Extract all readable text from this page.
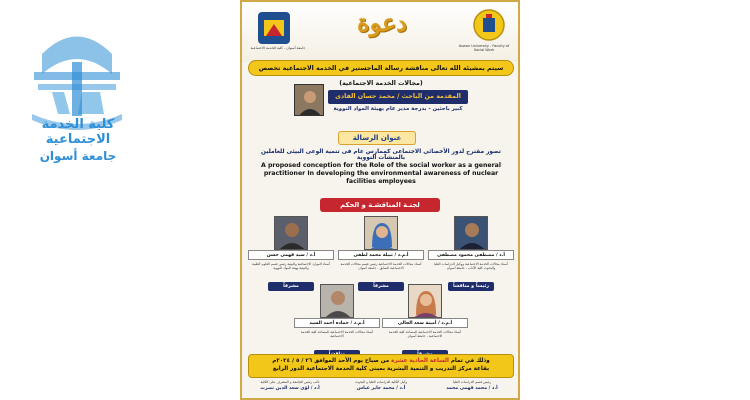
كلية الخدمة الاجتماعية
جامعة أسوان
جامعة أسوان - كلية الخدمة الاجتماعية	Aswan University - Faculty of Social Work
دعوة
سيتم بمشيئة الله تعالى مناقشة رسالة الماجستير في الخدمة الاجتماعية تخصص (مجالات الخدمة الاجتماعية)
المقدمة من الباحث / محمد حسان الفادى
كبير باحثين - بدرجة مدير عام بهيئة المواد النووية
عنوان الرسالة
تصور مقترح لدور الأخصائى الاجتماعى كممارس عام فى تنمية الوعى البيئى للعاملين بالمنشآت النووية
A proposed conception for the Role of the social worker as a general practitioner In developing the environmental awareness of nuclear facilities employees
لجنـة المناقشـة و الحكم
أ.د / مصطفى محمود مصطفى
أستاذ مجالات الخدمة الاجتماعية ووكيل الدراسات العليا والبحوث كلية الآداب - جامعة أسوان
رئيساً و مناقشاً
أ.م.د / نبيلة محمد لطفى
أستاذ مجالات الخدمة الاجتماعية رئيس قسم مجالات الخدمة الاجتماعية السابق - جامعة أسوان
مشرفاً
أ.د / سيد فهمى حسن
أستاذ الموارد الاجتماعية والبيئية رئيس قسم العلوم الطبية والبيئية بهيئة المواد النووية
مشرفاً
أ.م.د / أمينة سعد الجالى
أستاذ مجالات الخدمة الاجتماعية المساعد كلية الخدمة الاجتماعية - جامعة أسوان
أ.م.د / حماده أحمد السيد
أستاذ مجالات الخدمة الاجتماعية المساعد كلية الخدمة الاجتماعية
وذلك في تمام الساعة الحادية عشرة من صباح يوم الأحد الموافق ٢٦ / ٥ / ٢٠٢٤م
بقاعة مركز التدريب و التنمية البشرية بمبنى كلية الخدمة الاجتماعية الدور الرابع
نائب رئيس الجامعة و المشرف على الكلية
أ.د / لؤى سعد الدين نصرت
وكيل الكلية للدراسات العليا و البحوث
أ.د / محمد جابر عباس
رئيس قسم الدراسات العليا
أ.د / محمد فهمى محمد
